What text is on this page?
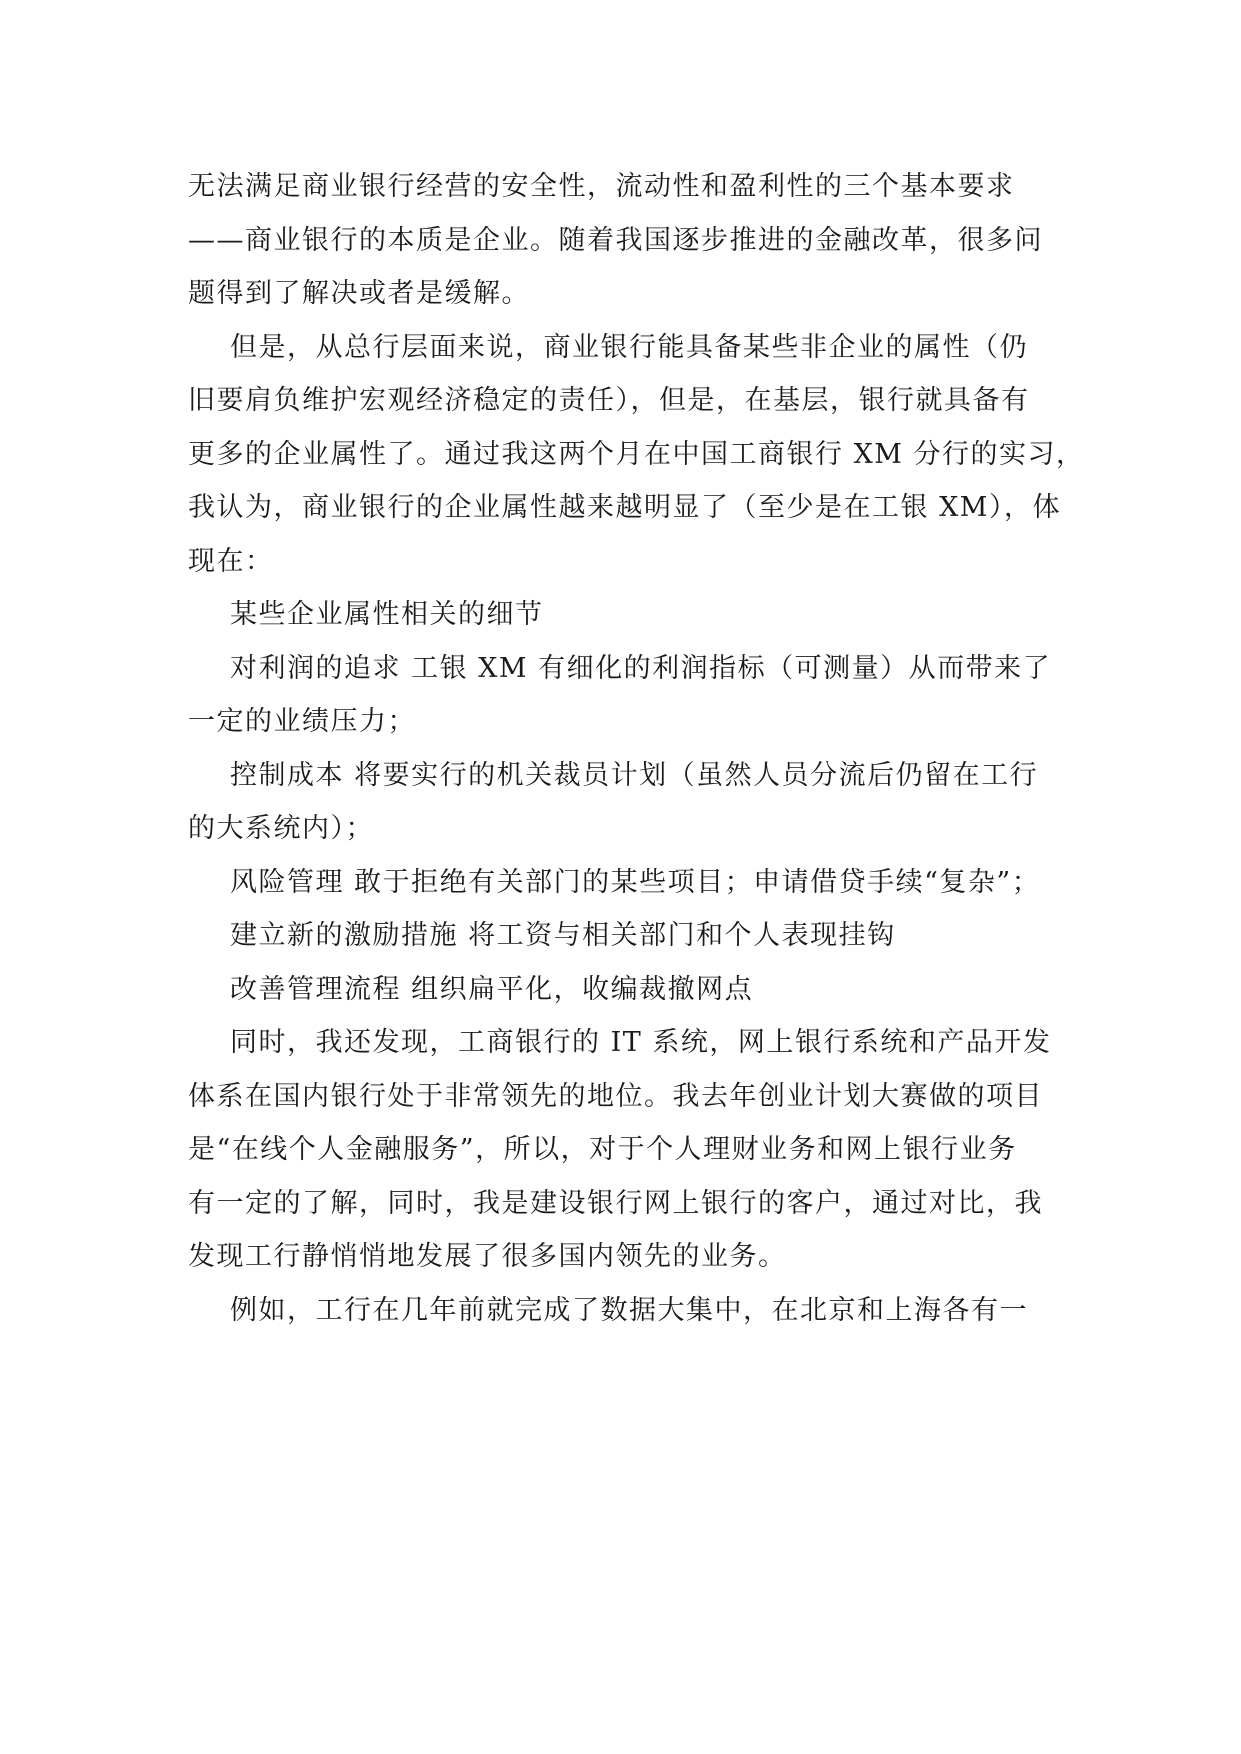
无法满足商业银行经营的安全性，流动性和盈利性的三个基本要求
——商业银行的本质是企业。随着我国逐步推进的金融改革，很多问
题得到了解决或者是缓解。
但是，从总行层面来说，商业银行能具备某些非企业的属性（仍
旧要肩负维护宏观经济稳定的责任），但是，在基层，银行就具备有
更多的企业属性了。通过我这两个月在中国工商银行 XM 分行的实习，
我认为，商业银行的企业属性越来越明显了（至少是在工银 XM），体
现在：
某些企业属性相关的细节
对利润的追求 工银 XM 有细化的利润指标（可测量）从而带来了
一定的业绩压力；
控制成本 将要实行的机关裁员计划（虽然人员分流后仍留在工行
的大系统内）；
风险管理 敢于拒绝有关部门的某些项目；申请借贷手续“复杂”；
建立新的激励措施 将工资与相关部门和个人表现挂钩
改善管理流程 组织扁平化，收编裁撤网点
同时，我还发现，工商银行的 IT 系统，网上银行系统和产品开发
体系在国内银行处于非常领先的地位。我去年创业计划大赛做的项目
是“在线个人金融服务”，所以，对于个人理财业务和网上银行业务
有一定的了解，同时，我是建设银行网上银行的客户，通过对比，我
发现工行静悄悄地发展了很多国内领先的业务。
例如，工行在几年前就完成了数据大集中，在北京和上海各有一
